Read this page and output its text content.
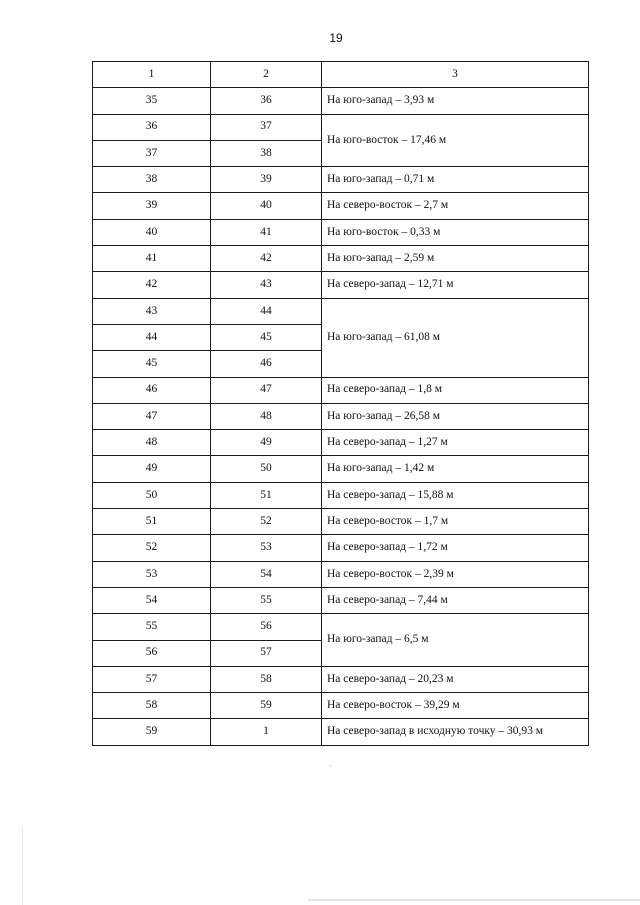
19
1	2	3
35	36	На юго-запад – 3,93 м
36	37	На юго-восток – 17,46 м
37	38	
38	39	На юго-запад – 0,71 м
39	40	На северо-восток – 2,7 м
40	41	На юго-восток – 0,33 м
41	42	На юго-запад – 2,59 м
42	43	На северо-запад – 12,71 м
43	44	На юго-запад – 61,08 м
44	45	
45	46	
46	47	На северо-запад – 1,8 м
47	48	На юго-запад – 26,58 м
48	49	На северо-запад – 1,27 м
49	50	На юго-запад – 1,42 м
50	51	На северо-запад – 15,88 м
51	52	На северо-восток – 1,7 м
52	53	На северо-запад – 1,72 м
53	54	На северо-восток – 2,39 м
54	55	На северо-запад – 7,44 м
55	56	На юго-запад – 6,5 м
56	57	
57	58	На северо-запад – 20,23 м
58	59	На северо-восток – 39,29 м
59	1	На северо-запад в исходную точку – 30,93 м
